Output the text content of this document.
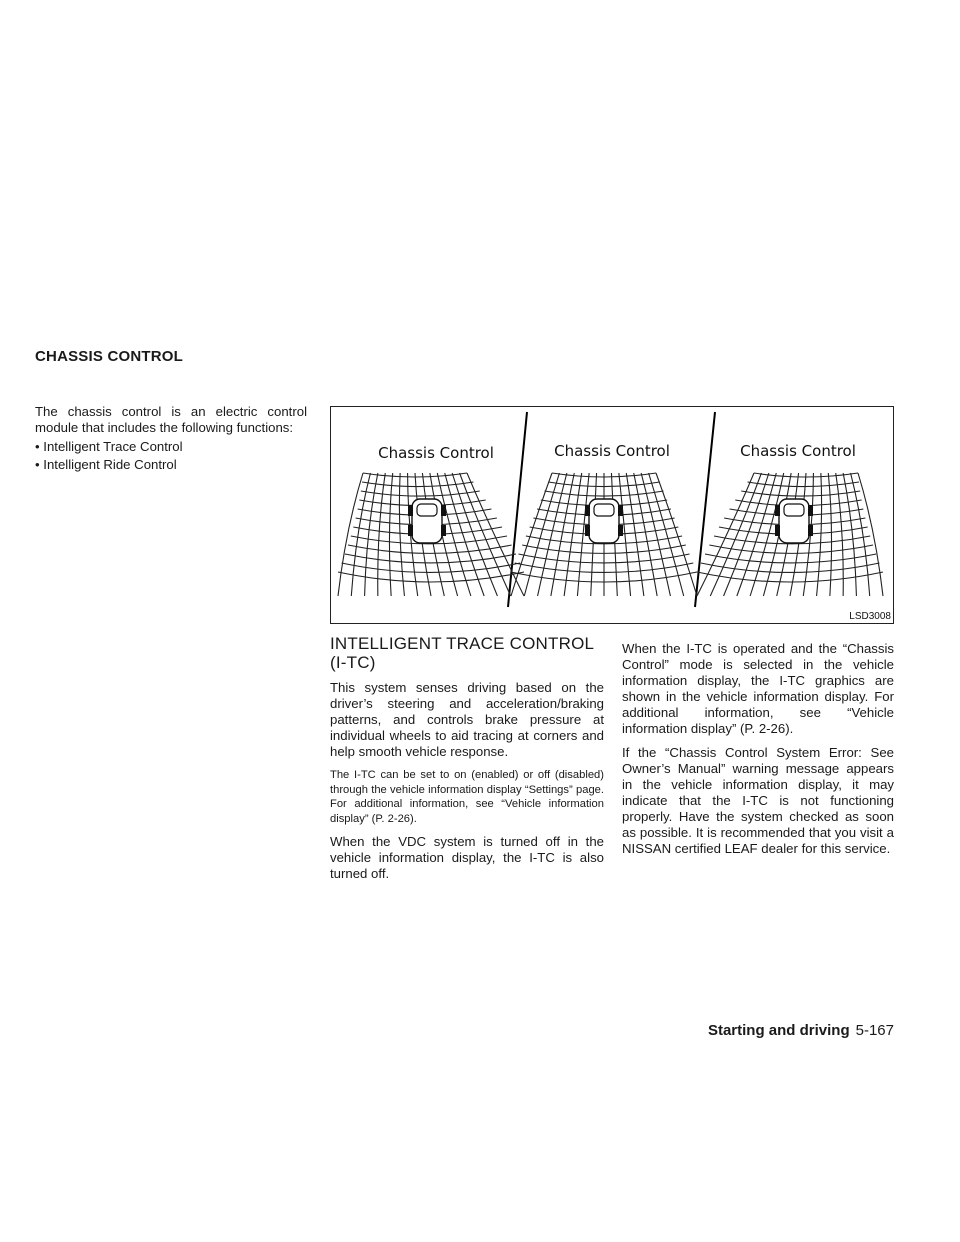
CHASSIS CONTROL

The chassis control is an electric control module that includes the following functions:

• Intelligent Trace Control
• Intelligent Ride Control
Chassis Control	Chassis Control	Chassis Control
LSD3008
INTELLIGENT TRACE CONTROL
(I-TC)

This system senses driving based on the driver’s steering and acceleration/braking patterns, and controls brake pressure at individual wheels to aid tracing at corners and help smooth vehicle response.

The I-TC can be set to on (enabled) or off (disabled) through the vehicle information display “Settings” page. For additional information, see “Vehicle information display” (P. 2-26).

When the VDC system is turned off in the vehicle information display, the I-TC is also turned off.

When the I-TC is operated and the “Chassis Control” mode is selected in the vehicle information display, the I-TC graphics are shown in the vehicle information display. For additional information, see “Vehicle information display” (P. 2-26).

If the “Chassis Control System Error: See Owner’s Manual” warning message appears in the vehicle information display, it may indicate that the I-TC is not functioning properly. Have the system checked as soon as possible. It is recommended that you visit a NISSAN certified LEAF dealer for this service.

Starting and driving 5-167
